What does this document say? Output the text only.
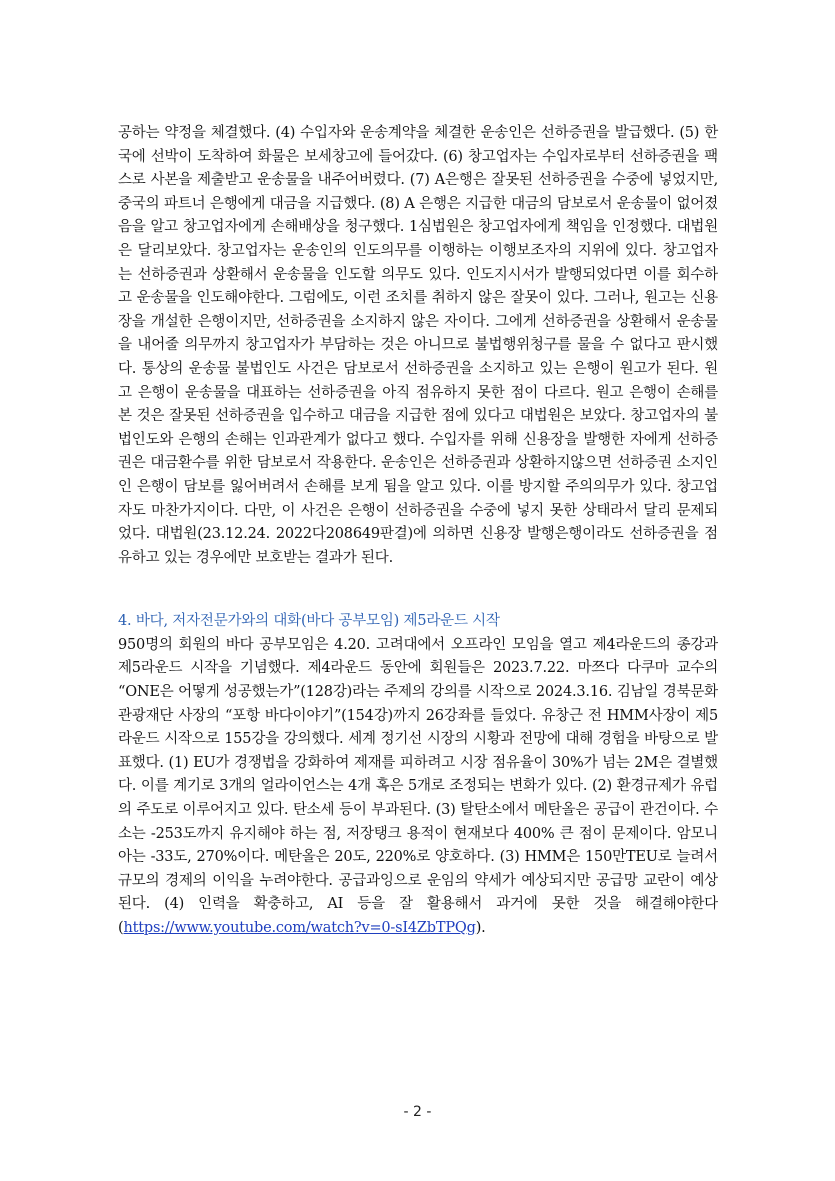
공하는 약정을 체결했다. (4) 수입자와 운송계약을 체결한 운송인은 선하증권을 발급했다. (5) 한국에 선박이 도착하여 화물은 보세창고에 들어갔다. (6) 창고업자는 수입자로부터 선하증권을 팩스로 사본을 제출받고 운송물을 내주어버렸다. (7) A은행은 잘못된 선하증권을 수중에 넣었지만, 중국의 파트너 은행에게 대금을 지급했다. (8) A 은행은 지급한 대금의 담보로서 운송물이 없어졌음을 알고 창고업자에게 손해배상을 청구했다. 1심법원은 창고업자에게 책임을 인정했다. 대법원은 달리보았다. 창고업자는 운송인의 인도의무를 이행하는 이행보조자의 지위에 있다. 창고업자는 선하증권과 상환해서 운송물을 인도할 의무도 있다. 인도지시서가 발행되었다면 이를 회수하고 운송물을 인도해야한다. 그럼에도, 이런 조치를 취하지 않은 잘못이 있다. 그러나, 원고는 신용장을 개설한 은행이지만, 선하증권을 소지하지 않은 자이다. 그에게 선하증권을 상환해서 운송물을 내어줄 의무까지 창고업자가 부담하는 것은 아니므로 불법행위청구를 물을 수 없다고 판시했다. 통상의 운송물 불법인도 사건은 담보로서 선하증권을 소지하고 있는 은행이 원고가 된다. 원고 은행이 운송물을 대표하는 선하증권을 아직 점유하지 못한 점이 다르다. 원고 은행이 손해를 본 것은 잘못된 선하증권을 입수하고 대금을 지급한 점에 있다고 대법원은 보았다. 창고업자의 불법인도와 은행의 손해는 인과관계가 없다고 했다. 수입자를 위해 신용장을 발행한 자에게 선하증권은 대금환수를 위한 담보로서 작용한다. 운송인은 선하증권과 상환하지않으면 선하증권 소지인인 은행이 담보를 잃어버려서 손해를 보게 됨을 알고 있다. 이를 방지할 주의의무가 있다. 창고업자도 마찬가지이다. 다만, 이 사건은 은행이 선하증권을 수중에 넣지 못한 상태라서 달리 문제되었다. 대법원(23.12.24. 2022다208649판결)에 의하면 신용장 발행은행이라도 선하증권을 점유하고 있는 경우에만 보호받는 결과가 된다.

4. 바다, 저자전문가와의 대화(바다 공부모임) 제5라운드 시작

950명의 회원의 바다 공부모임은 4.20. 고려대에서 오프라인 모임을 열고 제4라운드의 종강과 제5라운드 시작을 기념했다. 제4라운드 동안에 회원들은 2023.7.22. 마쯔다 다쿠마 교수의 “ONE은 어떻게 성공했는가”(128강)라는 주제의 강의를 시작으로 2024.3.16. 김남일 경북문화관광재단 사장의 “포항 바다이야기”(154강)까지 26강좌를 들었다. 유창근 전 HMM사장이 제5라운드 시작으로 155강을 강의했다. 세계 정기선 시장의 시황과 전망에 대해 경험을 바탕으로 발표했다. (1) EU가 경쟁법을 강화하여 제재를 피하려고 시장 점유율이 30%가 넘는 2M은 결별했다. 이를 계기로 3개의 얼라이언스는 4개 혹은 5개로 조정되는 변화가 있다. (2) 환경규제가 유럽의 주도로 이루어지고 있다. 탄소세 등이 부과된다. (3) 탈탄소에서 메탄올은 공급이 관건이다. 수소는 -253도까지 유지해야 하는 점, 저장탱크 용적이 현재보다 400% 큰 점이 문제이다. 암모니아는 -33도, 270%이다. 메탄올은 20도, 220%로 양호하다. (3) HMM은 150만TEU로 늘려서 규모의 경제의 이익을 누려야한다. 공급과잉으로 운임의 약세가 예상되지만 공급망 교란이 예상된다. (4) 인력을 확충하고, AI 등을 잘 활용해서 과거에 못한 것을 해결해야한다(https://www.youtube.com/watch?v=0-sI4ZbTPQg).

- 2 -
